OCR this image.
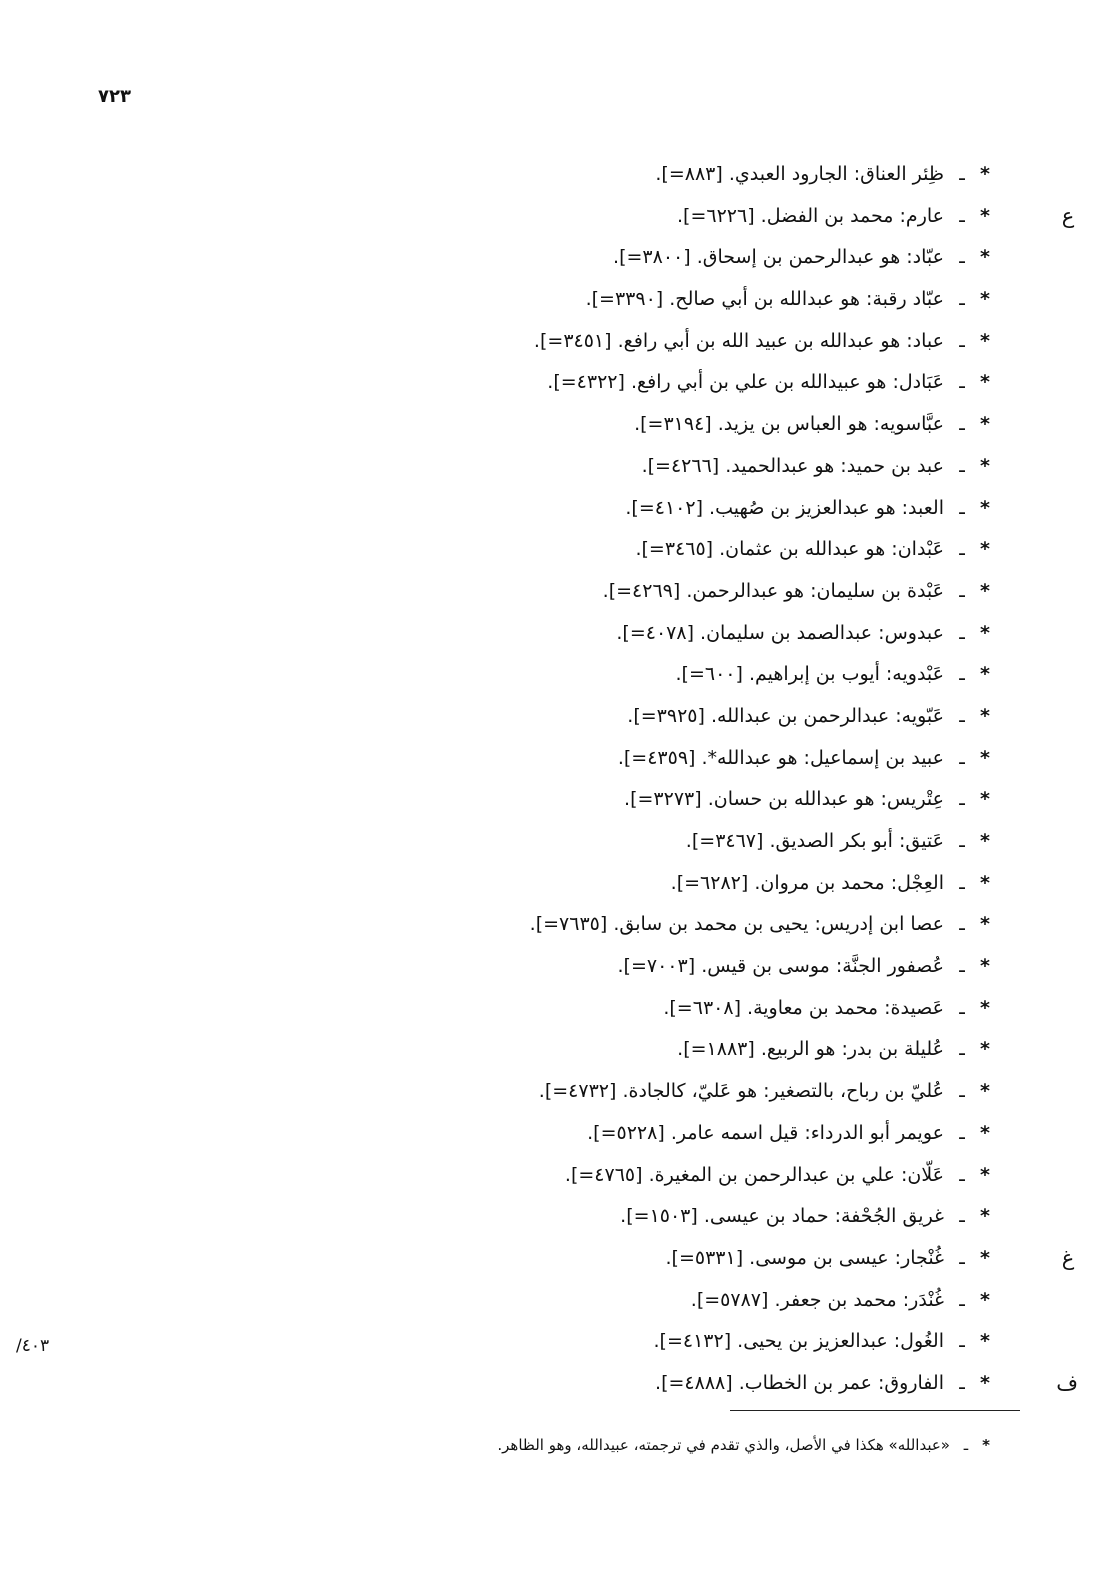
٧٢٣
/٤٠٣
*ـظِئر العناق: الجارود العبدي. [=٨٨٣].
*ـعارم: محمد بن الفضل. [=٦٢٢٦].	ع
*ـعبّاد: هو عبدالرحمن بن إسحاق. [=٣٨٠٠].
*ـعبّاد رقبة: هو عبدالله بن أبي صالح. [=٣٣٩٠].
*ـعباد: هو عبدالله بن عبيد الله بن أبي رافع. [=٣٤٥١].
*ـعَبَادل: هو عبيدالله بن علي بن أبي رافع. [=٤٣٢٢].
*ـعبَّاسويه: هو العباس بن يزيد. [=٣١٩٤].
*ـعبد بن حميد: هو عبدالحميد. [=٤٢٦٦].
*ـالعبد: هو عبدالعزيز بن صُهيب. [=٤١٠٢].
*ـعَبْدان: هو عبدالله بن عثمان. [=٣٤٦٥].
*ـعَبْدة بن سليمان: هو عبدالرحمن. [=٤٢٦٩].
*ـعبدوس: عبدالصمد بن سليمان. [=٤٠٧٨].
*ـعَبْدويه: أيوب بن إبراهيم. [=٦٠٠].
*ـعَبّويه: عبدالرحمن بن عبدالله. [=٣٩٢٥].
*ـعبيد بن إسماعيل: هو عبدالله*. [=٤٣٥٩].
*ـعِتْريس: هو عبدالله بن حسان. [=٣٢٧٣].
*ـعَتيق: أبو بكر الصديق. [=٣٤٦٧].
*ـالعِجْل: محمد بن مروان. [=٦٢٨٢].
*ـعصا ابن إدريس: يحيى بن محمد بن سابق. [=٧٦٣٥].
*ـعُصفور الجنَّة: موسى بن قيس. [=٧٠٠٣].
*ـعَصيدة: محمد بن معاوية. [=٦٣٠٨].
*ـعُليلة بن بدر: هو الربيع. [=١٨٨٣].
*ـعُليّ بن رباح، بالتصغير: هو عَليّ، كالجادة. [=٤٧٣٢].
*ـعويمر أبو الدرداء: قيل اسمه عامر. [=٥٢٢٨].
*ـعَلّان: علي بن عبدالرحمن بن المغيرة. [=٤٧٦٥].
*ـغريق الجُحْفة: حماد بن عيسى. [=١٥٠٣].
*ـغُنْجار: عيسى بن موسى. [=٥٣٣١].	غ
*ـغُنْدَر: محمد بن جعفر. [=٥٧٨٧].
*ـالغُول: عبدالعزيز بن يحيى. [=٤١٣٢].
*ـالفاروق: عمر بن الخطاب. [=٤٨٨٨].	ف
*ـ«عبدالله» هكذا في الأصل، والذي تقدم في ترجمته، عبيدالله، وهو الظاهر.
